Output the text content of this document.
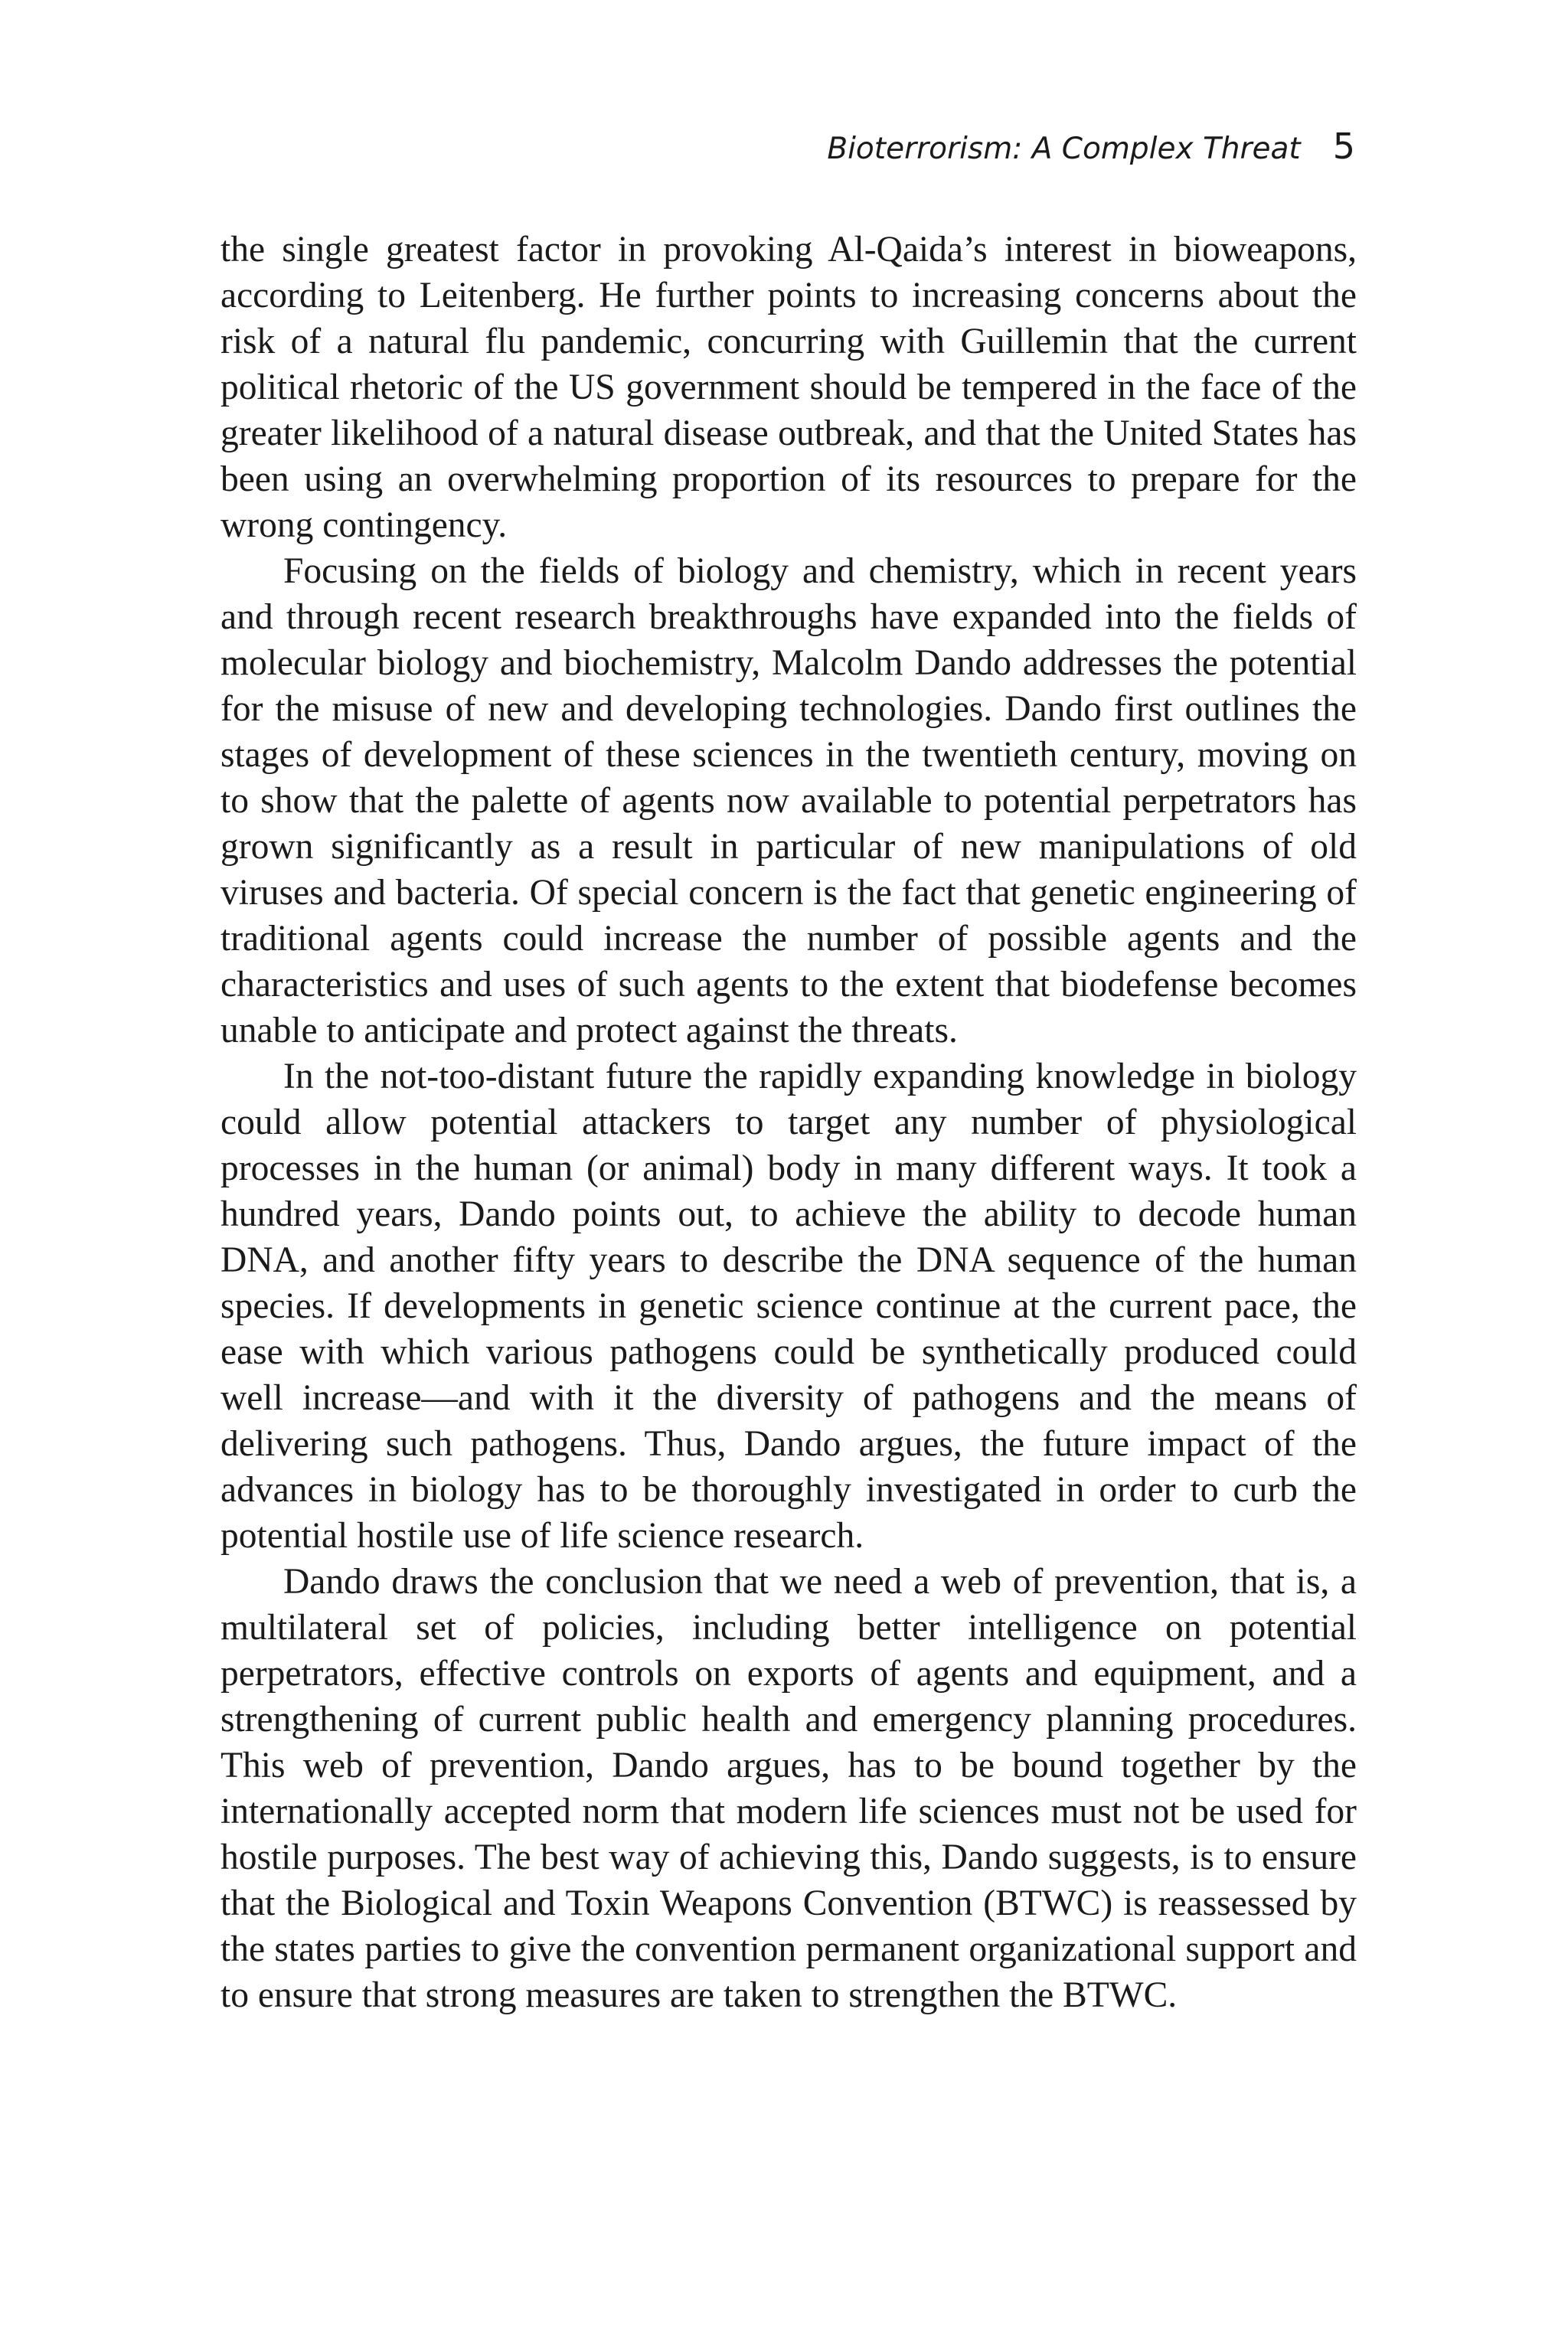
Bioterrorism: A Complex Threat 5

the single greatest factor in provoking Al-Qaida’s interest in bioweapons, according to Leitenberg. He further points to increasing concerns about the risk of a natural flu pandemic, concurring with Guillemin that the current political rhetoric of the US government should be tempered in the face of the greater likelihood of a natural disease outbreak, and that the United States has been using an overwhelming proportion of its resources to prepare for the wrong contingency.

Focusing on the fields of biology and chemistry, which in recent years and through recent research breakthroughs have expanded into the fields of molecular biology and biochemistry, Malcolm Dando addresses the potential for the misuse of new and developing technologies. Dando first outlines the stages of development of these sciences in the twentieth century, moving on to show that the palette of agents now available to potential perpetrators has grown significantly as a result in particular of new manipulations of old viruses and bacteria. Of special concern is the fact that genetic engineering of traditional agents could increase the number of possible agents and the characteristics and uses of such agents to the extent that biodefense becomes unable to anticipate and protect against the threats.

In the not-too-distant future the rapidly expanding knowledge in biology could allow potential attackers to target any number of physiological processes in the human (or animal) body in many different ways. It took a hundred years, Dando points out, to achieve the ability to decode human DNA, and another fifty years to describe the DNA sequence of the human species. If developments in genetic science continue at the current pace, the ease with which various pathogens could be synthetically produced could well increase—and with it the diversity of pathogens and the means of delivering such pathogens. Thus, Dando argues, the future impact of the advances in biology has to be thoroughly investigated in order to curb the potential hostile use of life science research.

Dando draws the conclusion that we need a web of prevention, that is, a multilateral set of policies, including better intelligence on potential perpetrators, effective controls on exports of agents and equipment, and a strengthening of current public health and emergency planning procedures. This web of prevention, Dando argues, has to be bound together by the internationally accepted norm that modern life sciences must not be used for hostile purposes. The best way of achieving this, Dando suggests, is to ensure that the Biological and Toxin Weapons Convention (BTWC) is reassessed by the states parties to give the convention permanent organizational support and to ensure that strong measures are taken to strengthen the BTWC.
